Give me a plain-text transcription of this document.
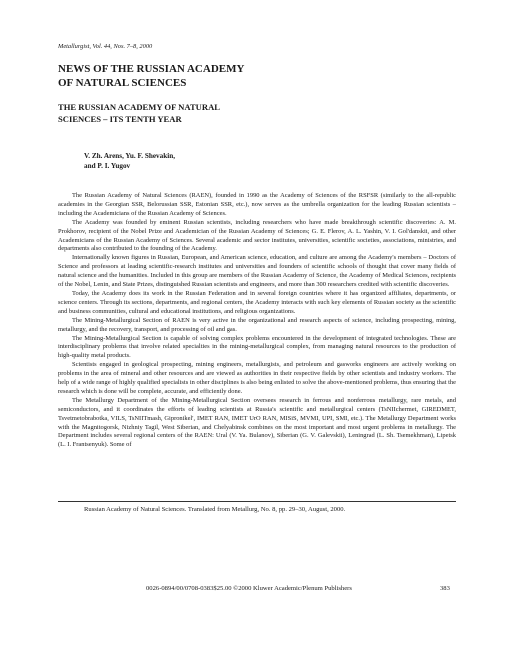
Metallurgist, Vol. 44, Nos. 7–8, 2000
NEWS OF THE RUSSIAN ACADEMY
OF NATURAL SCIENCES
THE RUSSIAN ACADEMY OF NATURAL
SCIENCES – ITS TENTH YEAR
V. Zh. Arens, Yu. F. Shevakin,
and P. I. Yugov

The Russian Academy of Natural Sciences (RAEN), founded in 1990 as the Academy of Sciences of the RSFSR (similarly to the all-republic academies in the Georgian SSR, Belorussian SSR, Estonian SSR, etc.), now serves as the umbrella organization for the leading Russian scientists – including the Academicians of the Russian Academy of Sciences.

The Academy was founded by eminent Russian scientists, including researchers who have made breakthrough scientific discoveries: A. M. Prokhorov, recipient of the Nobel Prize and Academician of the Russian Academy of Sciences; G. E. Flerov, A. L. Yashin, V. I. Gol'danskii, and other Academicians of the Russian Academy of Sciences. Several academic and sector institutes, universities, scientific societies, associations, ministries, and departments also contributed to the founding of the Academy.

Internationally known figures in Russian, European, and American science, education, and culture are among the Academy's members – Doctors of Science and professors at leading scientific-research institutes and universities and founders of scientific schools of thought that cover many fields of natural science and the humanities. Included in this group are members of the Russian Academy of Science, the Academy of Medical Sciences, recipients of the Nobel, Lenin, and State Prizes, distinguished Russian scientists and engineers, and more than 300 researchers credited with scientific discoveries.

Today, the Academy does its work in the Russian Federation and in several foreign countries where it has organized affiliates, departments, or science centers. Through its sections, departments, and regional centers, the Academy interacts with such key elements of Russian society as the scientific and business communities, cultural and educational institutions, and religious organizations.

The Mining-Metallurgical Section of RAEN is very active in the organizational and research aspects of science, including prospecting, mining, metallurgy, and the recovery, transport, and processing of oil and gas.

The Mining-Metallurgical Section is capable of solving complex problems encountered in the development of integrated technologies. These are interdisciplinary problems that involve related specialties in the mining-metallurgical complex, from managing natural resources to the production of high-quality metal products.

Scientists engaged in geological prospecting, mining engineers, metallurgists, and petroleum and gasworks engineers are actively working on problems in the area of mineral and other resources and are viewed as authorities in their respective fields by other scientists and industry workers. The help of a wide range of highly qualified specialists in other disciplines is also being enlisted to solve the above-mentioned problems, thus ensuring that the research which is done will be complete, accurate, and efficiently done.

The Metallurgy Department of the Mining-Metallurgical Section oversees research in ferrous and nonferrous metallurgy, rare metals, and semiconductors, and it coordinates the efforts of leading scientists at Russia's scientific and metallurgical centers (TsNIIchermet, GIREDMET, Tsvetmetobrabotka, VILS, TsNIITmash, Gipronikel', IMET RAN, IMET UrO RAN, MISiS, MVMI, UPI, SMI, etc.). The Metallurgy Department works with the Magnitogorsk, Nizhniy Tagil, West Siberian, and Chelyabinsk combines on the most important and most urgent problems in metallurgy. The Department includes several regional centers of the RAEN: Ural (V. Ya. Bulanov), Siberian (G. V. Galevskii), Leningrad (L. Sh. Tsemekhman), Lipetsk (L. I. Frantsenyuk). Some of

Russian Academy of Natural Sciences. Translated from Metallurg, No. 8, pp. 29–30, August, 2000.
0026-0894/00/0708-0383$25.00 ©2000 Kluwer Academic/Plenum Publishers	383
